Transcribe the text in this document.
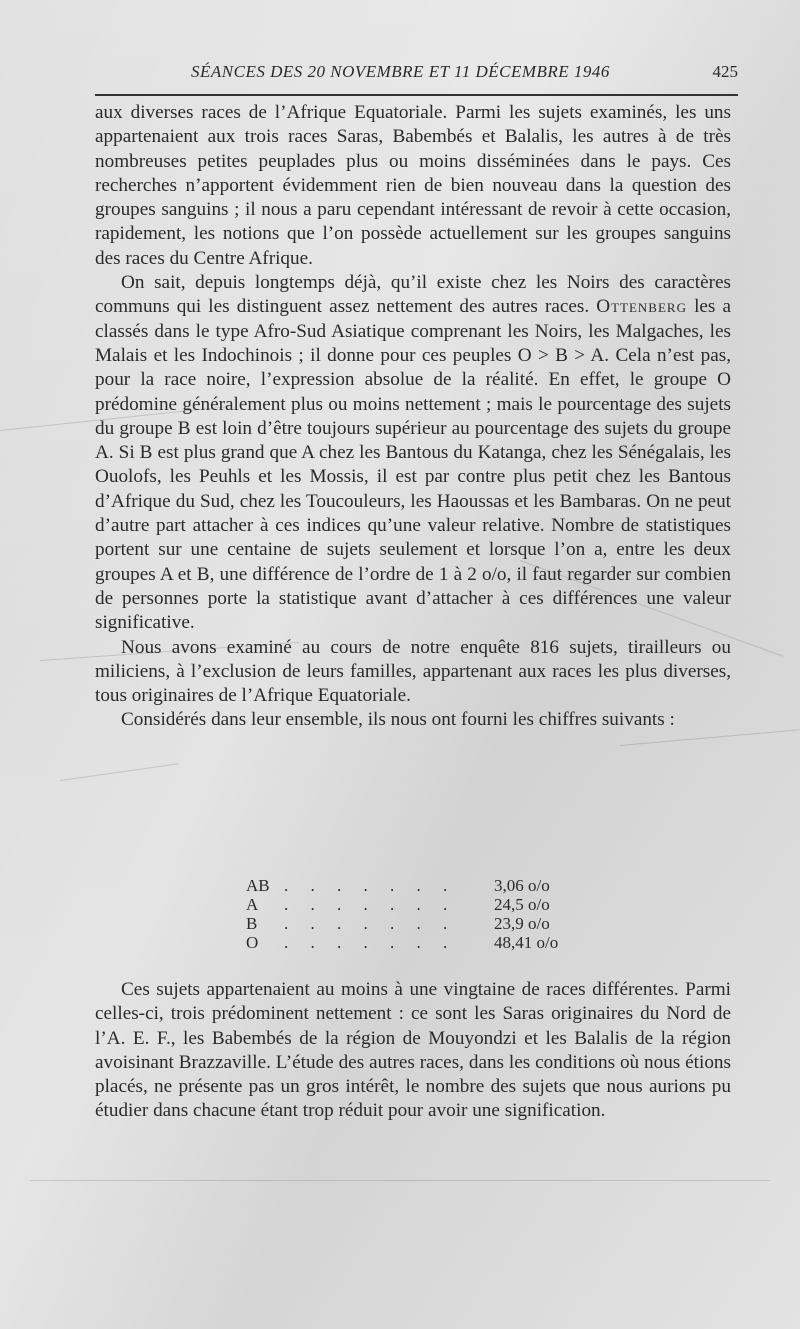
SÉANCES DES 20 NOVEMBRE ET 11 DÉCEMBRE 1946	425

aux diverses races de l’Afrique Equatoriale. Parmi les sujets examinés, les uns appartenaient aux trois races Saras, Babembés et Balalis, les autres à de très nombreuses petites peuplades plus ou moins disséminées dans le pays. Ces recherches n’apportent évidemment rien de bien nouveau dans la question des groupes sanguins ; il nous a paru cependant intéressant de revoir à cette occasion, rapidement, les notions que l’on possède actuellement sur les groupes sanguins des races du Centre Afrique.

On sait, depuis longtemps déjà, qu’il existe chez les Noirs des caractères communs qui les distinguent assez nettement des autres races. Ottenberg les a classés dans le type Afro-Sud Asiatique comprenant les Noirs, les Malgaches, les Malais et les Indochinois ; il donne pour ces peuples O > B > A. Cela n’est pas, pour la race noire, l’expression absolue de la réalité. En effet, le groupe O prédomine généralement plus ou moins nettement ; mais le pourcentage des sujets du groupe B est loin d’être toujours supérieur au pourcentage des sujets du groupe A. Si B est plus grand que A chez les Bantous du Katanga, chez les Sénégalais, les Ouolofs, les Peuhls et les Mossis, il est par contre plus petit chez les Bantous d’Afrique du Sud, chez les Toucouleurs, les Haoussas et les Bambaras. On ne peut d’autre part attacher à ces indices qu’une valeur relative. Nombre de statistiques portent sur une centaine de sujets seulement et lorsque l’on a, entre les deux groupes A et B, une différence de l’ordre de 1 à 2 o/o, il faut regarder sur combien de personnes porte la statistique avant d’attacher à ces différences une valeur significative.

Nous avons examiné au cours de notre enquête 816 sujets, tirailleurs ou miliciens, à l’exclusion de leurs familles, appartenant aux races les plus diverses, tous originaires de l’Afrique Equatoriale.

Considérés dans leur ensemble, ils nous ont fourni les chiffres suivants :

AB . . . . . . . 3,06 o/o
A . . . . . . . 24,5 o/o
B . . . . . . . 23,9 o/o
O . . . . . . . 48,41 o/o

Ces sujets appartenaient au moins à une vingtaine de races différentes. Parmi celles-ci, trois prédominent nettement : ce sont les Saras originaires du Nord de l’A. E. F., les Babembés de la région de Mouyondzi et les Balalis de la région avoisinant Brazzaville. L’étude des autres races, dans les conditions où nous étions placés, ne présente pas un gros intérêt, le nombre des sujets que nous aurions pu étudier dans chacune étant trop réduit pour avoir une signification.
